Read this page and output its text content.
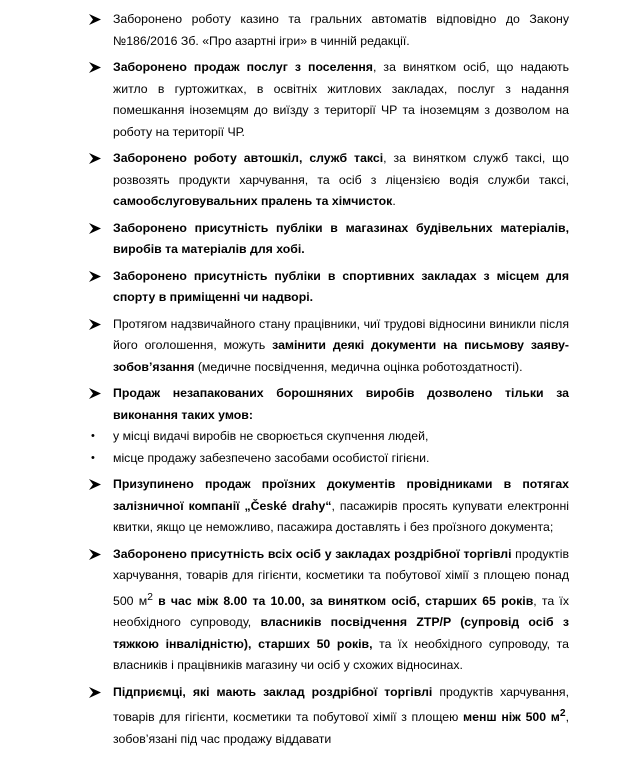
Заборонено роботу казино та гральних автоматів відповідно до Закону №186/2016 Зб. «Про азартні ігри» в чинній редакції.
Заборонено продаж послуг з поселення, за винятком осіб, що надають житло в гуртожитках, в освітніх житлових закладах, послуг з надання помешкання іноземцям до виїзду з території ЧР та іноземцям з дозволом на роботу на території ЧР.
Заборонено роботу автошкіл, служб таксі, за винятком служб таксі, що розвозять продукти харчування, та осіб з ліцензією водія служби таксі, самообслуговувальних пралень та хімчисток.
Заборонено присутність публіки в магазинах будівельних матеріалів, виробів та матеріалів для хобі.
Заборонено присутність публіки в спортивних закладах з місцем для спорту в приміщенні чи надворі.
Протягом надзвичайного стану працівники, чиї трудові відносини виникли після його оголошення, можуть замінити деякі документи на письмову заяву-зобов’язання (медичне посвідчення, медична оцінка роботоздатності).
Продаж незапакованих борошняних виробів дозволено тільки за виконання таких умов:
• у місці видачі виробів не сворюється скупчення людей,
• місце продажу забезпечено засобами особистої гігієни.
Призупинено продаж проїзних документів провідниками в потягах залізничної компанії „České drahy“, пасажирів просять купувати електронні квитки, якщо це неможливо, пасажира доставлять і без проїзного документа;
Заборонено присутність всіх осіб у закладах роздрібної торгівлі продуктів харчування, товарів для гігієнти, косметики та побутової хімії з площею понад 500 $м^2$ в час між 8.00 та 10.00, за винятком осіб, старших 65 років, та їх необхідного супроводу, власників посвідчення ZTP/P (супровід осіб з тяжкою інвалідністю), старших 50 років, та їх необхідного супроводу, та власників і працівників магазину чи осіб у схожих відносинах.
Підприємці, які мають заклад роздрібної торгівлі продуктів харчування, товарів для гігієнти, косметики та побутової хімії з площею менш ніж 500 $м^2$, зобов’язані під час продажу віддавати
